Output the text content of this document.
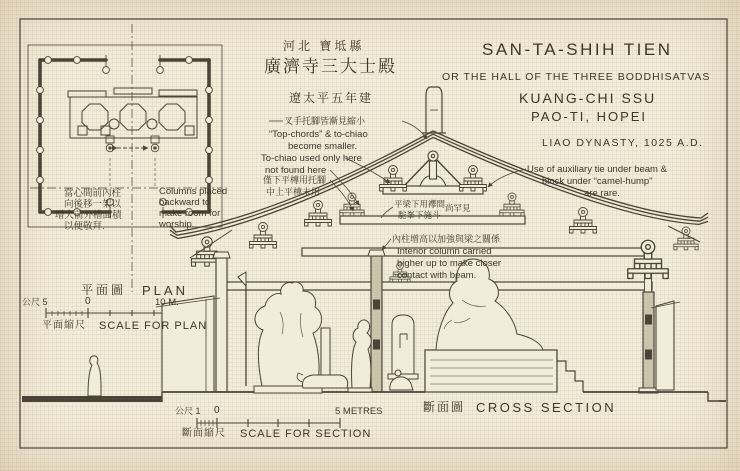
河北 寶坻縣
廣濟寺三大士殿
遼太平五年建
SAN-TA-SHIH TIEN
OR THE HALL OF THE THREE BODDHISATVAS
KUANG-CHI SSU
PAO-TI, HOPEI
LIAO DYNASTY, 1025 A.D.
當心間前內柱
向後移一架以
增大前外槽面積
以便敬拜.
Columns placed
backward to
make room for
worship.
平面圖 PLAN
公尺 5	0	10 M.
平面縮尺 SCALE FOR PLAN
叉手托腳皆漸見縮小
“Top-chords” & to-chiao
become smaller.
To-chiao used only here
not found here
僅下平槫用托腳
中上平槫未用
平梁下用襻間
駝峯下施斗
尚罕見
內柱增高以加強與梁之關係
Interior column carried
higher up to make closer
contact with beam.
Use of auxiliary tie under beam &
block under “camel-hump”
are rare.
斷面圖 CROSS SECTION
公尺 1 0	5 METRES
斷面縮尺 SCALE FOR SECTION
